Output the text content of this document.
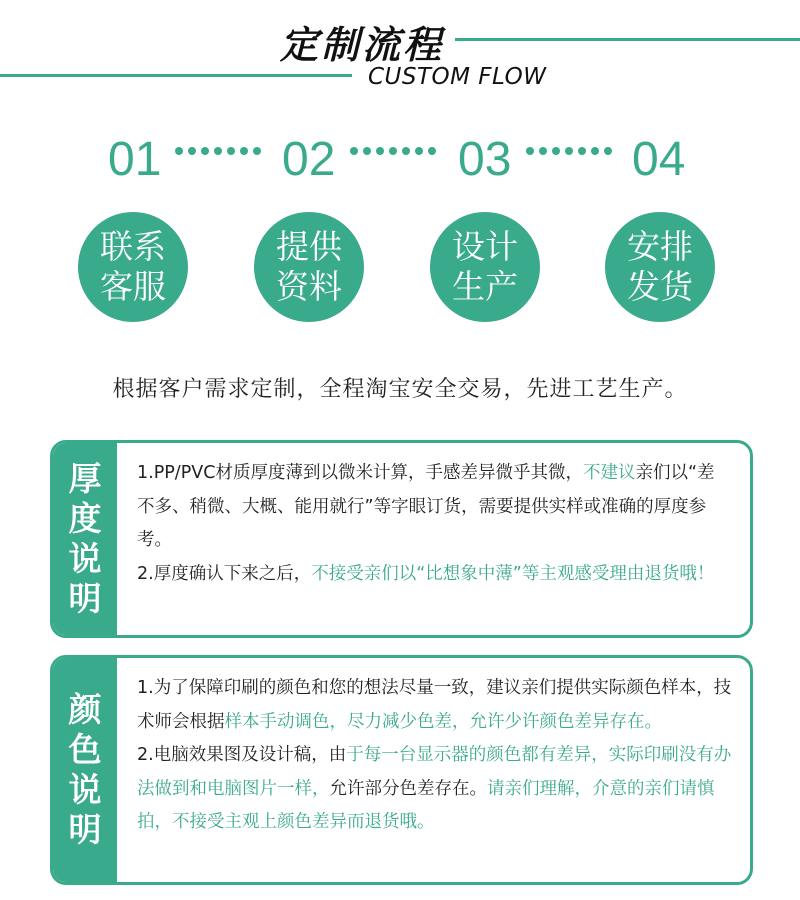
定制流程
CUSTOM FLOW
01	02	03	04
联系
客服
提供
资料
设计
生产
安排
发货
根据客户需求定制，全程淘宝安全交易，先进工艺生产。
厚
度
说
明

1.PP/PVC材质厚度薄到以微米计算，手感差异微乎其微，不建议亲们以“差不多、稍微、大概、能用就行”等字眼订货，需要提供实样或准确的厚度参考。

2.厚度确认下来之后，不接受亲们以“比想象中薄”等主观感受理由退货哦！

颜
色
说
明

1.为了保障印刷的颜色和您的想法尽量一致，建议亲们提供实际颜色样本，技术师会根据样本手动调色，尽力减少色差，允许少许颜色差异存在。

2.电脑效果图及设计稿，由于每一台显示器的颜色都有差异，实际印刷没有办法做到和电脑图片一样，允许部分色差存在。请亲们理解，介意的亲们请慎拍，不接受主观上颜色差异而退货哦。
